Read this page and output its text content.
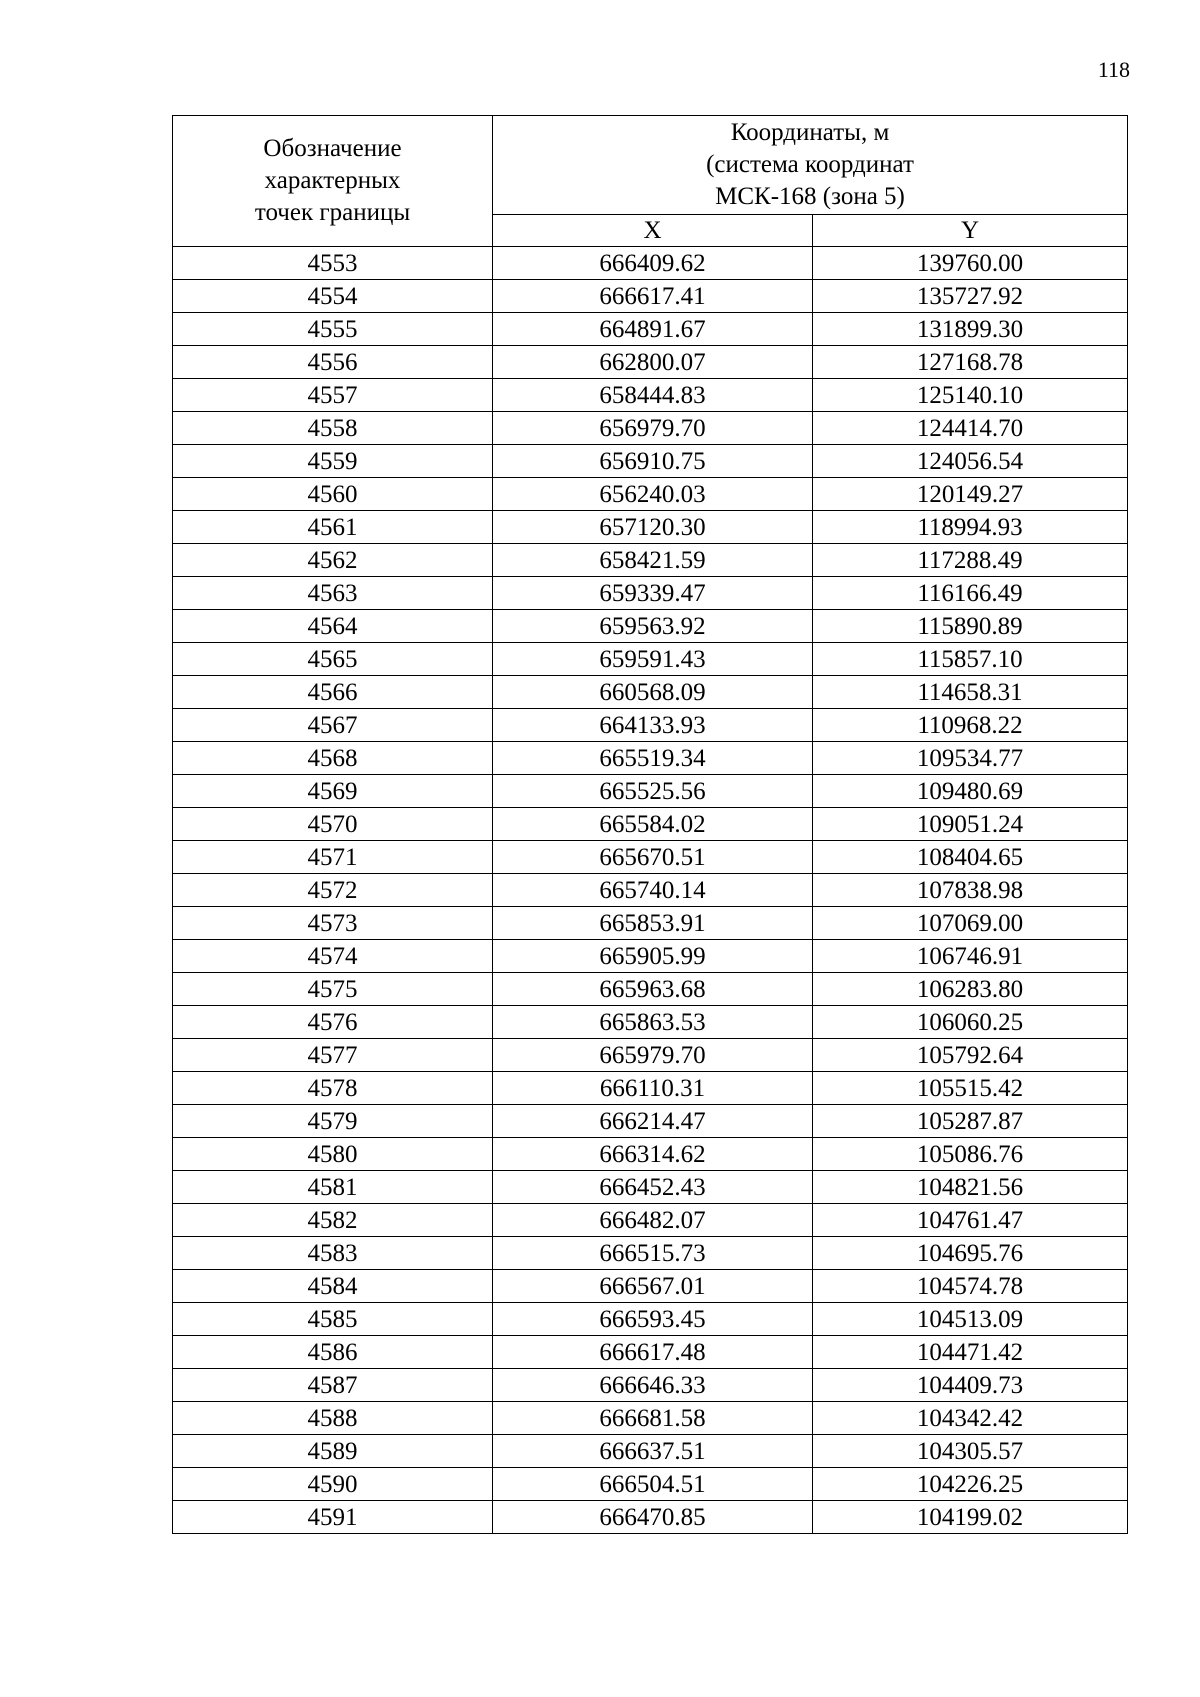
118
Обозначение
характерных
точек границы	Координаты, м
(система координат
МСК-168 (зона 5)	

	X	Y
4553	666409.62	139760.00
4554	666617.41	135727.92
4555	664891.67	131899.30
4556	662800.07	127168.78
4557	658444.83	125140.10
4558	656979.70	124414.70
4559	656910.75	124056.54
4560	656240.03	120149.27
4561	657120.30	118994.93
4562	658421.59	117288.49
4563	659339.47	116166.49
4564	659563.92	115890.89
4565	659591.43	115857.10
4566	660568.09	114658.31
4567	664133.93	110968.22
4568	665519.34	109534.77
4569	665525.56	109480.69
4570	665584.02	109051.24
4571	665670.51	108404.65
4572	665740.14	107838.98
4573	665853.91	107069.00
4574	665905.99	106746.91
4575	665963.68	106283.80
4576	665863.53	106060.25
4577	665979.70	105792.64
4578	666110.31	105515.42
4579	666214.47	105287.87
4580	666314.62	105086.76
4581	666452.43	104821.56
4582	666482.07	104761.47
4583	666515.73	104695.76
4584	666567.01	104574.78
4585	666593.45	104513.09
4586	666617.48	104471.42
4587	666646.33	104409.73
4588	666681.58	104342.42
4589	666637.51	104305.57
4590	666504.51	104226.25
4591	666470.85	104199.02
